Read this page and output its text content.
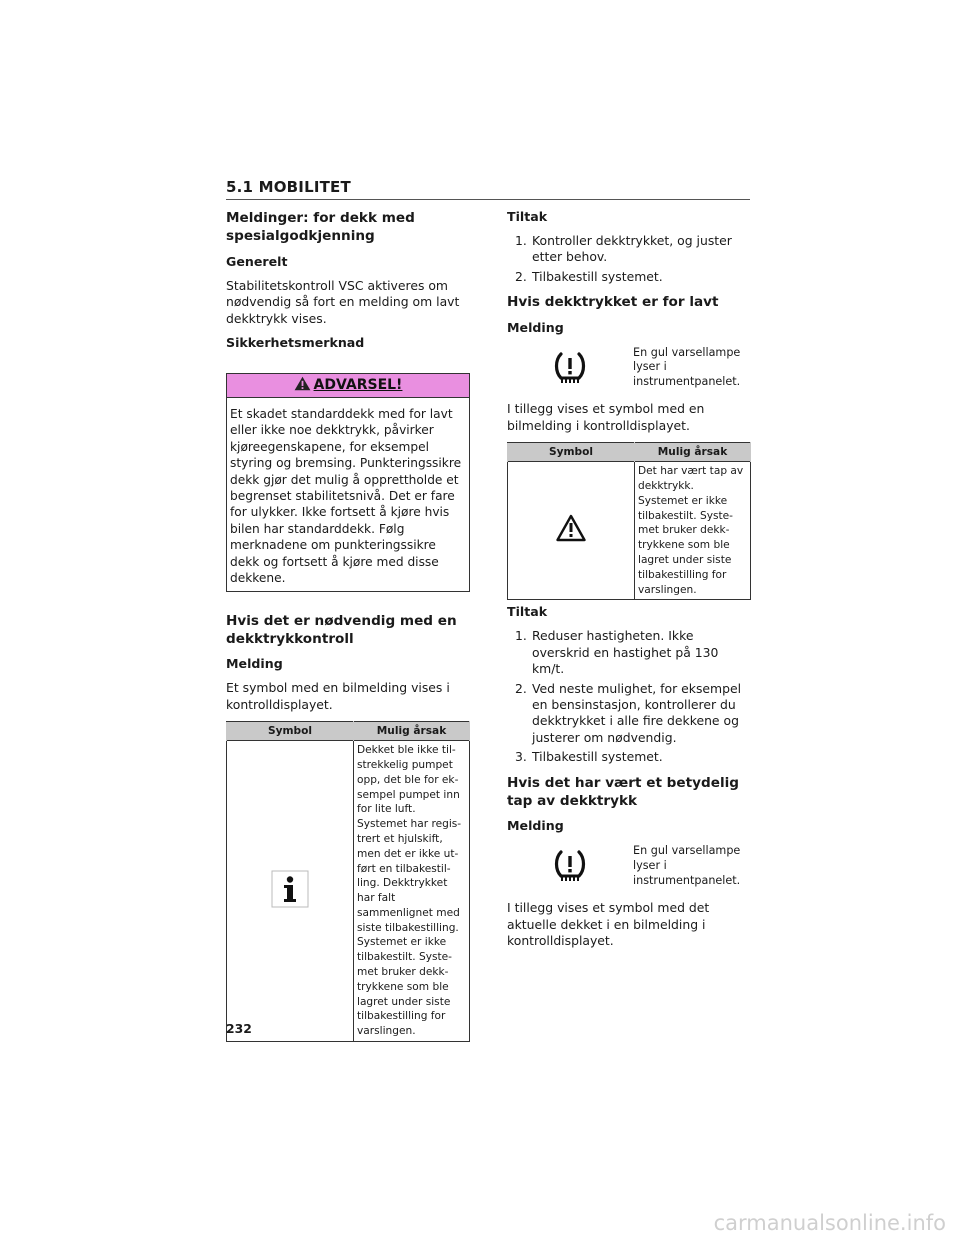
5.1 MOBILITET
Meldinger: for dekk med spesialgodkjenning
Generelt

Stabilitetskontroll VSC aktiveres om nødvendig så fort en melding om lavt dekktrykk vises.

Sikkerhetsmerknad
ADVARSEL!
Et skadet standarddekk med for lavt eller ikke noe dekktrykk, påvirker kjøreegenskapene, for eksempel styring og bremsing. Punkteringssikre dekk gjør det mulig å opprettholde et begrenset stabilitetsnivå. Det er fare for ulykker. Ikke fortsett å kjøre hvis bilen har standarddekk. Følg merknadene om punkteringssikre dekk og fortsett å kjøre med disse dekkene.
Hvis det er nødvendig med en dekktrykkontroll
Melding

Et symbol med en bilmelding vises i kontrolldisplayet.

Symbol	Mulig årsak
	Dekket ble ikke til-strekkelig pumpet opp, det ble for ek-sempel pumpet inn for lite luft. Systemet har regis-trert et hjulskift, men det er ikke ut-ført en tilbakestil-ling. Dekktrykket har falt sammenlignet med siste tilbakestilling. Systemet er ikke tilbakestilt. Syste-met bruker dekk-trykkene som ble lagret under siste tilbakestilling for varslingen.
Tiltak
1. Kontroller dekktrykket, og juster etter behov.
2. Tilbakestill systemet.
Hvis dekktrykket er for lavt
Melding
En gul varsellampe lyser i instrumentpanelet.

I tillegg vises et symbol med en bilmelding i kontrolldisplayet.

Symbol	Mulig årsak
	Det har vært tap av dekktrykk. Systemet er ikke tilbakestilt. Syste-met bruker dekk-trykkene som ble lagret under siste tilbakestilling for varslingen.
Tiltak
1. Reduser hastigheten. Ikke overskrid en hastighet på 130 km/t.
2. Ved neste mulighet, for eksempel en bensinstasjon, kontrollerer du dekktrykket i alle fire dekkene og justerer om nødvendig.
3. Tilbakestill systemet.
Hvis det har vært et betydelig tap av dekktrykk
Melding
En gul varsellampe lyser i instrumentpanelet.

I tillegg vises et symbol med det aktuelle dekket i en bilmelding i kontrolldisplayet.

232
carmanualsonline.info
